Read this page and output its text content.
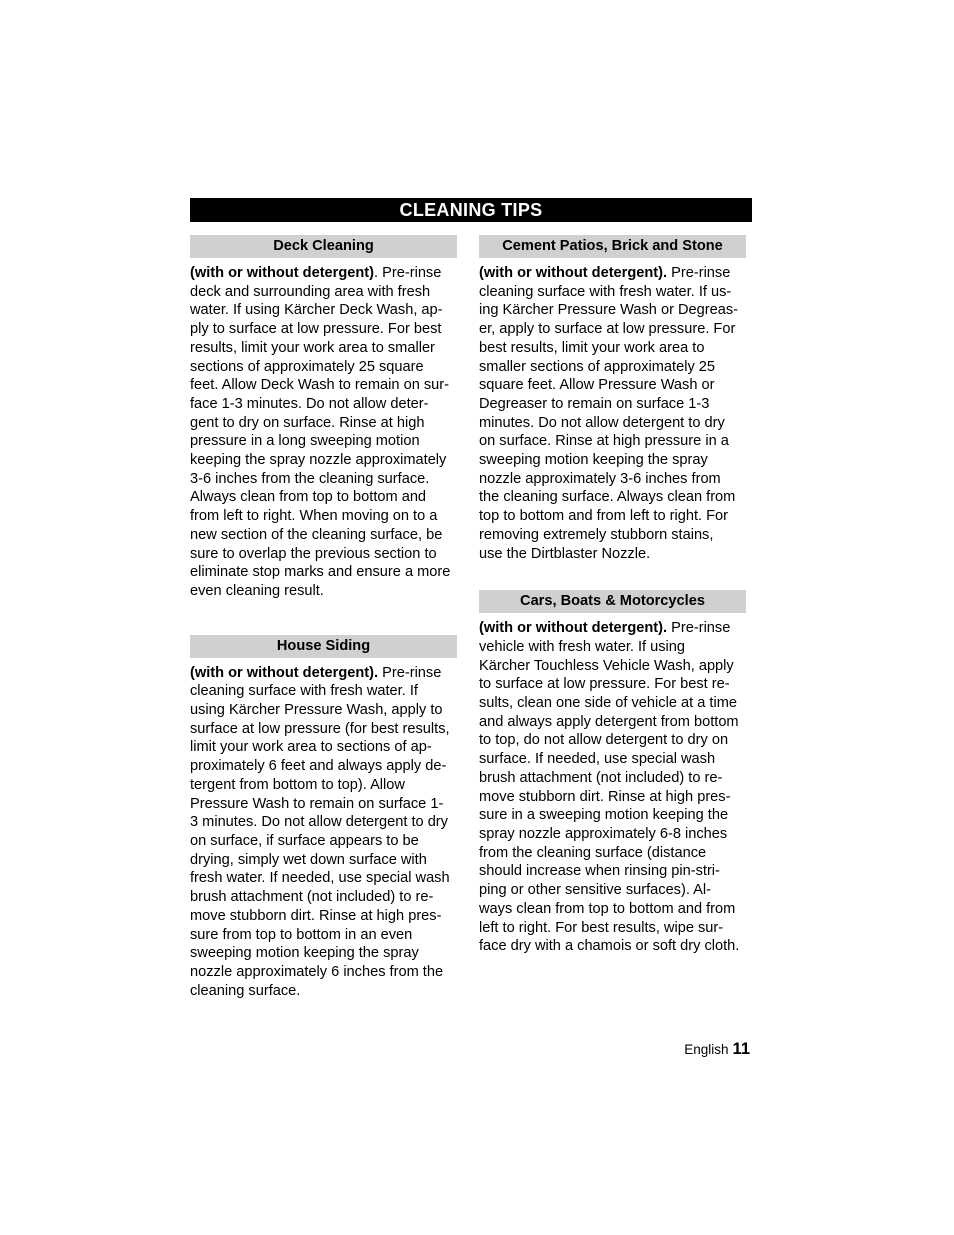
CLEANING TIPS
Deck Cleaning

(with or without detergent). Pre-rinse
deck and surrounding area with fresh
water. If using Kärcher Deck Wash, ap-
ply to surface at low pressure. For best
results, limit your work area to smaller
sections of approximately 25 square
feet. Allow Deck Wash to remain on sur-
face 1-3 minutes. Do not allow deter-
gent to dry on surface. Rinse at high
pressure in a long sweeping motion
keeping the spray nozzle approximately
3-6 inches from the cleaning surface.
Always clean from top to bottom and
from left to right. When moving on to a
new section of the cleaning surface, be
sure to overlap the previous section to
eliminate stop marks and ensure a more
even cleaning result.

House Siding

(with or without detergent). Pre-rinse
cleaning surface with fresh water. If
using Kärcher Pressure Wash, apply to
surface at low pressure (for best results,
limit your work area to sections of ap-
proximately 6 feet and always apply de-
tergent from bottom to top). Allow
Pressure Wash to remain on surface 1-
3 minutes. Do not allow detergent to dry
on surface, if surface appears to be
drying, simply wet down surface with
fresh water. If needed, use special wash
brush attachment (not included) to re-
move stubborn dirt. Rinse at high pres-
sure from top to bottom in an even
sweeping motion keeping the spray
nozzle approximately 6 inches from the
cleaning surface.

Cement Patios, Brick and Stone

(with or without detergent). Pre-rinse
cleaning surface with fresh water. If us-
ing Kärcher Pressure Wash or Degreas-
er, apply to surface at low pressure. For
best results, limit your work area to
smaller sections of approximately 25
square feet. Allow Pressure Wash or
Degreaser to remain on surface 1-3
minutes. Do not allow detergent to dry
on surface. Rinse at high pressure in a
sweeping motion keeping the spray
nozzle approximately 3-6 inches from
the cleaning surface. Always clean from
top to bottom and from left to right. For
removing extremely stubborn stains,
use the Dirtblaster Nozzle.

Cars, Boats & Motorcycles

(with or without detergent). Pre-rinse
vehicle with fresh water. If using
Kärcher Touchless Vehicle Wash, apply
to surface at low pressure. For best re-
sults, clean one side of vehicle at a time
and always apply detergent from bottom
to top, do not allow detergent to dry on
surface. If needed, use special wash
brush attachment (not included) to re-
move stubborn dirt. Rinse at high pres-
sure in a sweeping motion keeping the
spray nozzle approximately 6-8 inches
from the cleaning surface (distance
should increase when rinsing pin-stri-
ping or other sensitive surfaces). Al-
ways clean from top to bottom and from
left to right. For best results, wipe sur-
face dry with a chamois or soft dry cloth.

English 11
